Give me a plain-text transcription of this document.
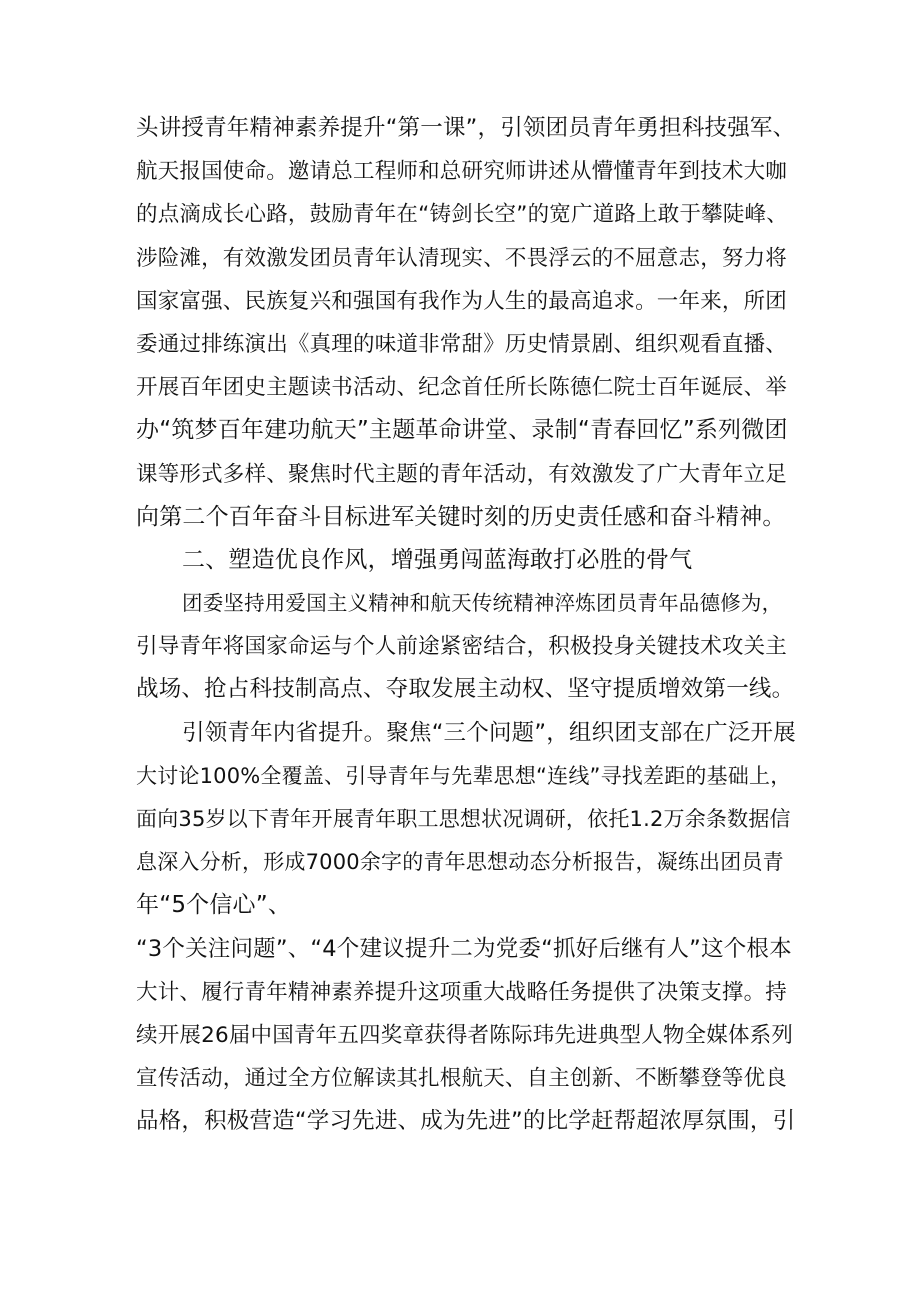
头讲授青年精神素养提升“第一课”，引领团员青年勇担科技强军、
航天报国使命。邀请总工程师和总研究师讲述从懵懂青年到技术大咖
的点滴成长心路，鼓励青年在“铸剑长空”的宽广道路上敢于攀陡峰、
涉险滩，有效激发团员青年认清现实、不畏浮云的不屈意志，努力将
国家富强、民族复兴和强国有我作为人生的最高追求。一年来，所团
委通过排练演出《真理的味道非常甜》历史情景剧、组织观看直播、
开展百年团史主题读书活动、纪念首任所长陈德仁院士百年诞辰、举
办“筑梦百年建功航天”主题革命讲堂、录制“青春回忆”系列微团
课等形式多样、聚焦时代主题的青年活动，有效激发了广大青年立足
向第二个百年奋斗目标进军关键时刻的历史责任感和奋斗精神。
二、塑造优良作风，增强勇闯蓝海敢打必胜的骨气
团委坚持用爱国主义精神和航天传统精神淬炼团员青年品德修为，
引导青年将国家命运与个人前途紧密结合，积极投身关键技术攻关主
战场、抢占科技制高点、夺取发展主动权、坚守提质增效第一线。
引领青年内省提升。聚焦“三个问题”，组织团支部在广泛开展
大讨论100%全覆盖、引导青年与先辈思想“连线”寻找差距的基础上，
面向35岁以下青年开展青年职工思想状况调研，依托1.2万余条数据信
息深入分析，形成7000余字的青年思想动态分析报告，凝练出团员青
年“5个信心”、
“3个关注问题”、“4个建议提升二为党委“抓好后继有人”这个根本
大计、履行青年精神素养提升这项重大战略任务提供了决策支撑。持
续开展26届中国青年五四奖章获得者陈际玮先进典型人物全媒体系列
宣传活动，通过全方位解读其扎根航天、自主创新、不断攀登等优良
品格，积极营造“学习先进、成为先进”的比学赶帮超浓厚氛围，引
